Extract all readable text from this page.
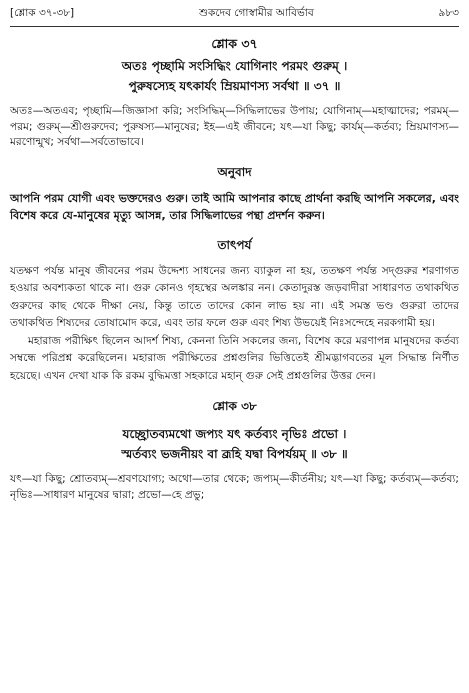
[শ্লোক ৩৭-৩৮]	শুকদেব গোস্বামীর আবির্ভাব	৯৮৩

শ্লোক ৩৭

অতঃ পৃচ্ছামি সংসিদ্ধিং যোগিনাং পরমং গুরুম্ ।

পুরুষস্যেহ যৎকার্যং ম্রিয়মাণস্য সর্বথা ॥ ৩৭ ॥

অতঃ—অতএব; পৃচ্ছামি—জিজ্ঞাসা করি; সংসিদ্ধিম্—সিদ্ধিলাভের উপায়; যোগিনাম্—মহাত্মাদের; পরমম্—পরম; গুরুম্—শ্রীগুরুদেব; পুরুষস্য—মানুষের; ইহ—এই জীবনে; যৎ—যা কিছু; কার্যম্—কর্তব্য; ম্রিয়মাণস্য—মরণোন্মুখ; সর্বথা—সর্বতোভাবে।

অনুবাদ

আপনি পরম যোগী এবং ভক্তদেরও গুরু। তাই আমি আপনার কাছে প্রার্থনা করছি আপনি সকলের, এবং বিশেষ করে যে-মানুষের মৃত্যু আসন্ন, তার সিদ্ধিলাভের পন্থা প্রদর্শন করুন।

তাৎপর্য

যতক্ষণ পর্যন্ত মানুষ জীবনের পরম উদ্দেশ্য সাধনের জন্য ব্যাকুল না হয়, ততক্ষণ পর্যন্ত সদ্গুরুর শরণাগত হওয়ার অবশ্যকতা থাকে না। গুরু কোনও গৃহস্থের অলঙ্কার নন। কেতাদুরস্ত জড়বাদীরা সাধারণত তথাকথিত গুরুদের কাছ থেকে দীক্ষা নেয়, কিন্তু তাতে তাদের কোন লাভ হয় না। এই সমস্ত ভণ্ড গুরুরা তাদের তথাকথিত শিষ্যদের তোষামোদ করে, এবং তার ফলে গুরু এবং শিষ্য উভয়েই নিঃসন্দেহে নরকগামী হয়।

মহারাজ পরীক্ষিৎ ছিলেন আদর্শ শিষ্য, কেননা তিনি সকলের জন্য, বিশেষ করে মরণাপন্ন মানুষদের কর্তব্য সম্বন্ধে পরিপ্রশ্ন করেছিলেন। মহারাজ পরীক্ষিতের প্রশ্নগুলির ভিত্তিতেই শ্রীমদ্ভাগবতের মূল সিদ্ধান্ত নির্ণীত হয়েছে। এখন দেখা যাক কি রকম বুদ্ধিমত্তা সহকারে মহান্ গুরু সেই প্রশ্নগুলির উত্তর দেন।

শ্লোক ৩৮

যচ্ছ্রোতব্যমথো জপ্যং যৎ কর্তব্যং নৃভিঃ প্রভো ।

স্মর্তব্যং ভজনীয়ং বা ব্রূহি যদ্বা বিপর্যয়ম্ ॥ ৩৮ ॥

যৎ—যা কিছু; শ্রোতব্যম্—শ্রবণযোগ্য; অথো—তার থেকে; জপ্যম্—কীর্তনীয়; যৎ—যা কিছু; কর্তব্যম্—কর্তব্য; নৃভিঃ—সাধারণ মানুষের দ্বারা; প্রভো—হে প্রভু;
